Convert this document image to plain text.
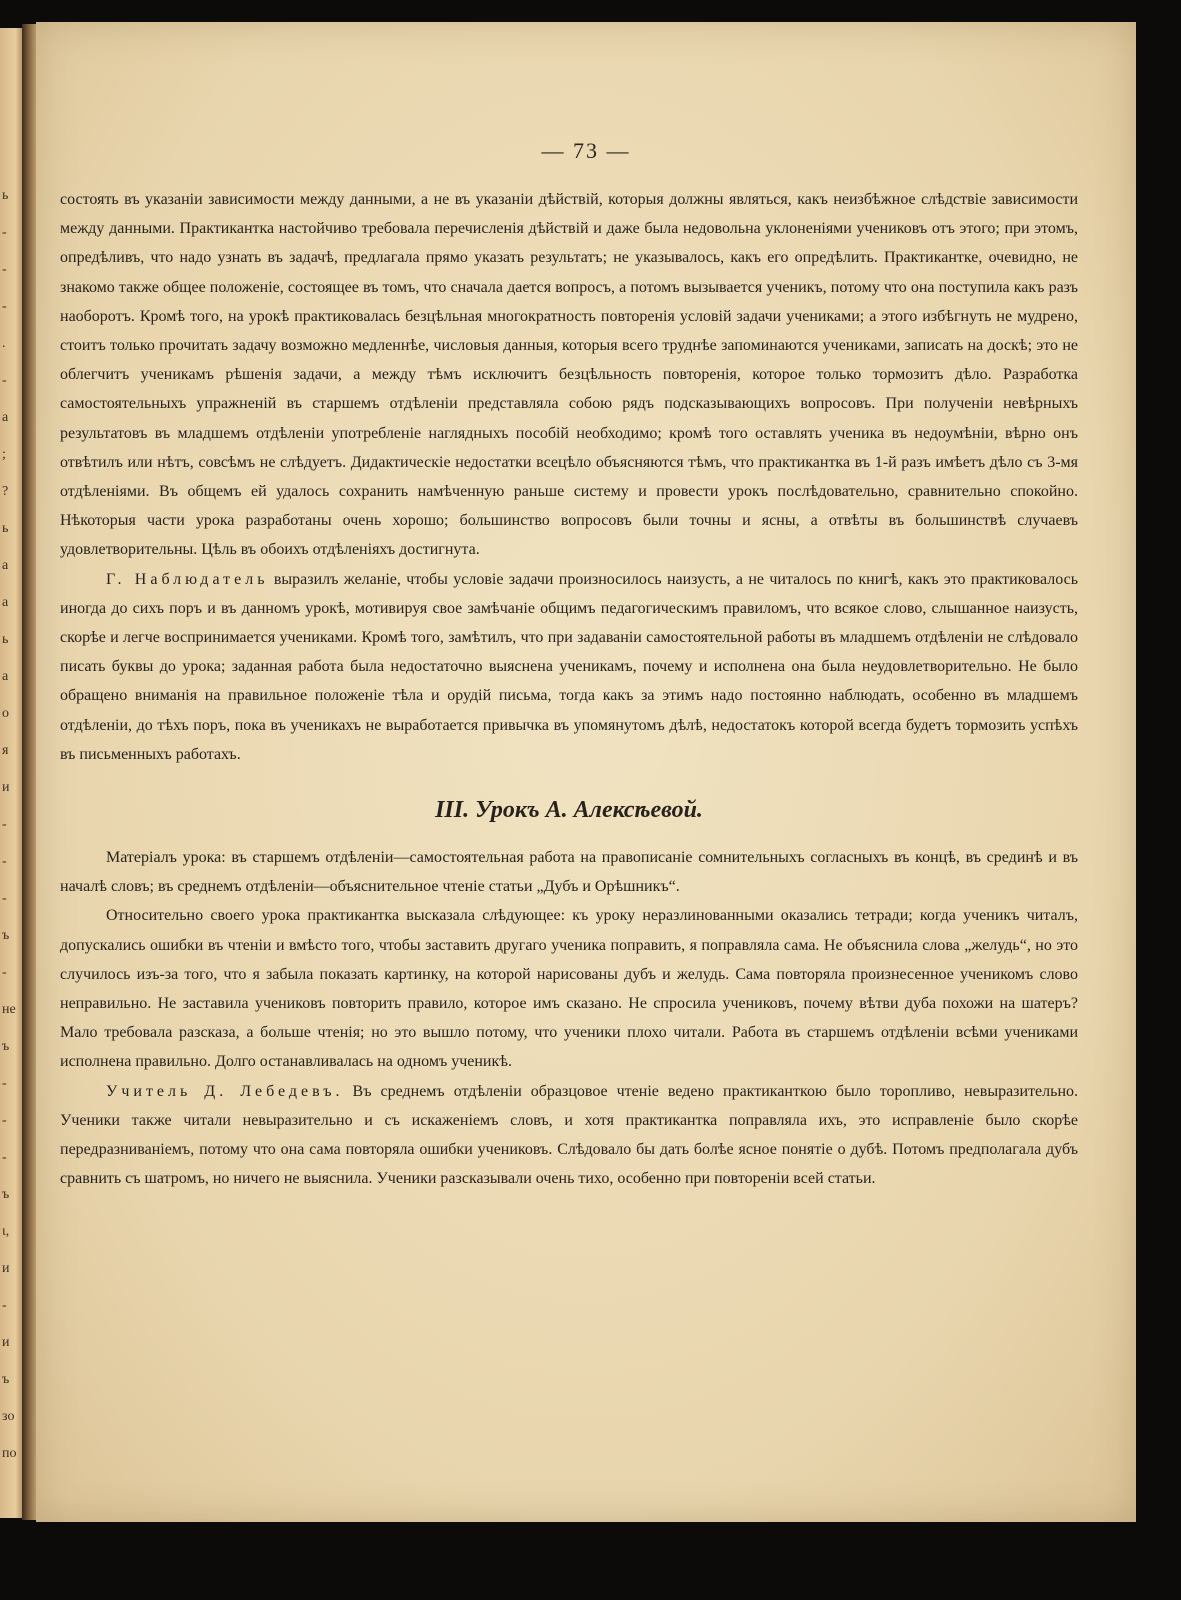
ь
-
-
-
.
-
а
;
?
ь
а
а
ь
а
о
я
и
-
-
-
ъ
-
не
ъ
-
-
-
ъ
ι,
и
-
и
ъ
зо
по
— 73 —

состоять въ указанiи зависимости между данными, а не въ указанiи дѣйствiй, которыя должны являться, какъ неизбѣжное слѣдствiе зависимости между данными. Практикантка настойчиво требовала перечисленiя дѣйствiй и даже была недовольна уклоненiями учениковъ отъ этого; при этомъ, опредѣливъ, что надо узнать въ задачѣ, предлагала прямо указать результатъ; не указывалось, какъ его опредѣлить. Практикантке, очевидно, не знакомо также общее положенiе, состоящее въ томъ, что сначала дается вопросъ, а потомъ вызывается ученикъ, потому что она поступила какъ разъ наоборотъ. Кромѣ того, на урокѣ практиковалась безцѣльная многократность повторенiя условiй задачи учениками; а этого избѣгнуть не мудрено, стоитъ только прочитать задачу возможно медленнѣе, числовыя данныя, которыя всего труднѣе запоминаются учениками, записать на доскѣ; это не облегчитъ ученикамъ рѣшенiя задачи, а между тѣмъ исключитъ безцѣльность повторенiя, которое только тормозитъ дѣло. Разработка самостоятельныхъ упражненiй въ старшемъ отдѣленiи представляла собою рядъ подсказывающихъ вопросовъ. При полученiи невѣрныхъ результатовъ въ младшемъ отдѣленiи употребленiе наглядныхъ пособiй необходимо; кромѣ того оставлять ученика въ недоумѣнiи, вѣрно онъ отвѣтилъ или нѣтъ, совсѣмъ не слѣдуетъ. Дидактическiе недостатки всецѣло объясняются тѣмъ, что практикантка въ 1-й разъ имѣетъ дѣло съ 3-мя отдѣленiями. Въ общемъ ей удалось сохранить намѣченную раньше систему и провести урокъ послѣдовательно, сравнительно спокойно. Нѣкоторыя части урока разработаны очень хорошо; большинство вопросовъ были точны и ясны, а отвѣты въ большинствѣ случаевъ удовлетворительны. Цѣль въ обоихъ отдѣленiяхъ достигнута.

Г. Наблюдатель выразилъ желанiе, чтобы условiе задачи произносилось наизусть, а не читалось по книгѣ, какъ это практиковалось иногда до сихъ поръ и въ данномъ урокѣ, мотивируя свое замѣчанiе общимъ педагогическимъ правиломъ, что всякое слово, слышанное наизусть, скорѣе и легче воспринимается учениками. Кромѣ того, замѣтилъ, что при задаванiи самостоятельной работы въ младшемъ отдѣленiи не слѣдовало писать буквы до урока; заданная работа была недостаточно выяснена ученикамъ, почему и исполнена она была неудовлетворительно. Не было обращено вниманiя на правильное положенiе тѣла и орудiй письма, тогда какъ за этимъ надо постоянно наблюдать, особенно въ младшемъ отдѣленiи, до тѣхъ поръ, пока въ ученикахъ не выработается привычка въ упомянутомъ дѣлѣ, недостатокъ которой всегда будетъ тормозить успѣхъ въ письменныхъ работахъ.

III. Урокъ А. Алексѣевой.

Матерiалъ урока: въ старшемъ отдѣленiи—самостоятельная работа на правописанiе сомнительныхъ согласныхъ въ концѣ, въ срединѣ и въ началѣ словъ; въ среднемъ отдѣленiи—объяснительное чтенiе статьи „Дубъ и Орѣшникъ“.

Относительно своего урока практикантка высказала слѣдующее: къ уроку неразлинованными оказались тетради; когда ученикъ читалъ, допускались ошибки въ чтенiи и вмѣсто того, чтобы заставить другаго ученика поправить, я поправляла сама. Не объяснила слова „желудь“, но это случилось изъ-за того, что я забыла показать картинку, на которой нарисованы дубъ и желудь. Сама повторяла произнесенное ученикомъ слово неправильно. Не заставила учениковъ повторить правило, которое имъ сказано. Не спросила учениковъ, почему вѣтви дуба похожи на шатеръ? Мало требовала разсказа, а больше чтенiя; но это вышло потому, что ученики плохо читали. Работа въ старшемъ отдѣленiи всѣми учениками исполнена правильно. Долго останавливалась на одномъ ученикѣ.

Учитель Д. Лебедевъ. Въ среднемъ отдѣленiи образцовое чтенiе ведено практиканткою было торопливо, невыразительно. Ученики также читали невыразительно и съ искаженiемъ словъ, и хотя практикантка поправляла ихъ, это исправленiе было скорѣе передразниванiемъ, потому что она сама повторяла ошибки учениковъ. Слѣдовало бы дать болѣе ясное понятiе о дубѣ. Потомъ предполагала дубъ сравнить съ шатромъ, но ничего не выяснила. Ученики разсказывали очень тихо, особенно при повторенiи всей статьи.
